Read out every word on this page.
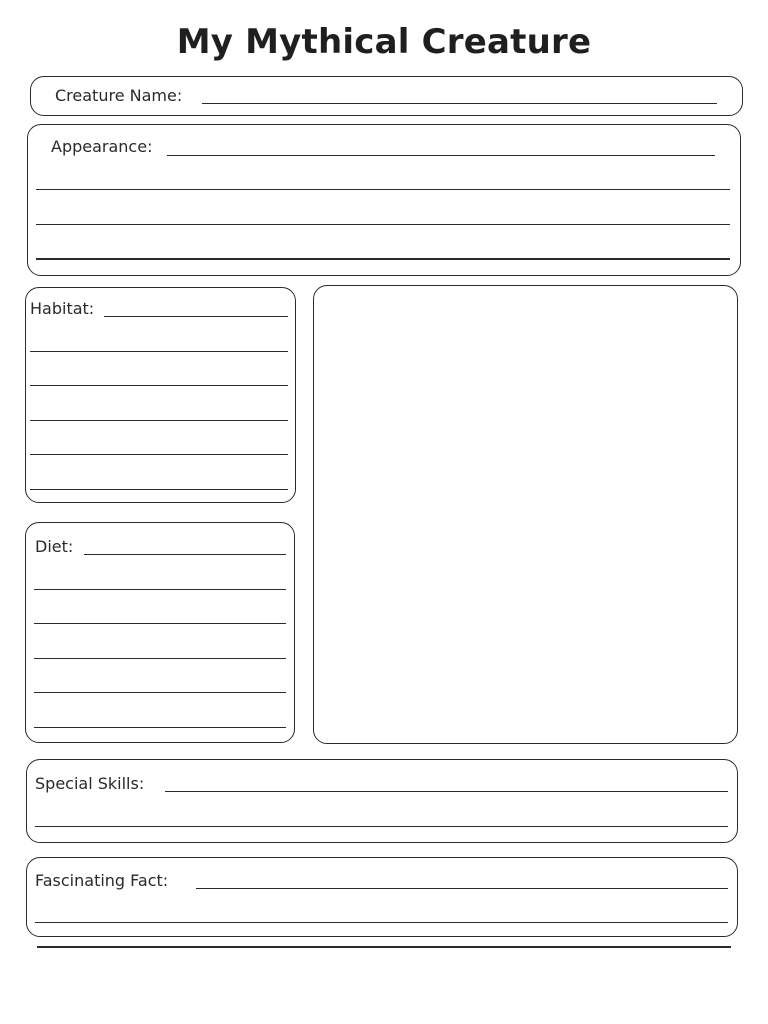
My Mythical Creature
Creature Name:
Appearance:
Habitat:
Diet:
Special Skills:
Fascinating Fact:
